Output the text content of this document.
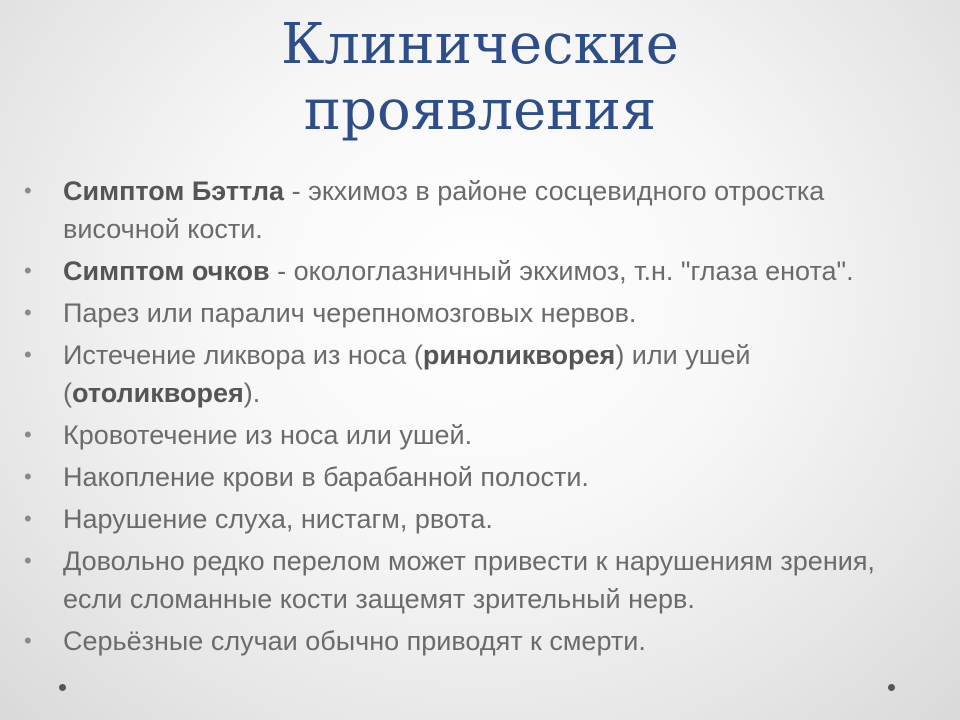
Клинические
проявления
• Симптом Бэттла - экхимоз в районе сосцевидного отростка височной кости.
• Симптом очков - окологлазничный экхимоз, т.н. "глаза енота".
• Парез или паралич черепномозговых нервов.
• Истечение ликвора из носа (риноликворея) или ушей (отоликворея).
• Кровотечение из носа или ушей.
• Накопление крови в барабанной полости.
• Нарушение слуха, нистагм, рвота.
• Довольно редко перелом может привести к нарушениям зрения, если сломанные кости защемят зрительный нерв.
• Серьёзные случаи обычно приводят к смерти.
